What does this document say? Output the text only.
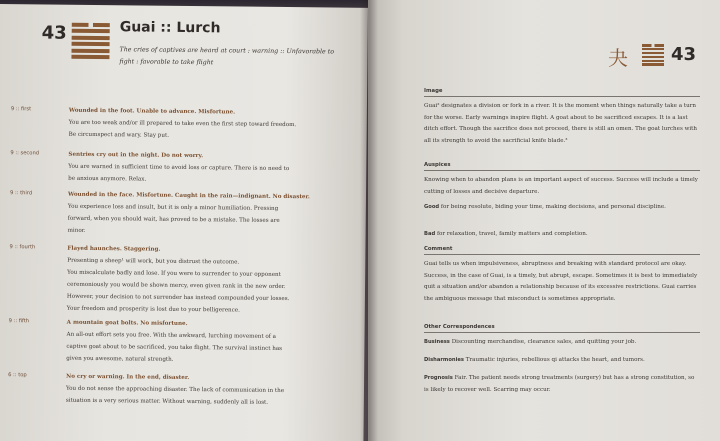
43	Guai :: Lurch
The cries of captives are heard at court : warning :: Unfavorable to fight : favorable to take flight
9 :: first	Wounded in the foot. Unable to advance. Misfortune.
You are too weak and/or ill prepared to take even the first step toward freedom.
Be circumspect and wary. Stay put.
9 :: second	Sentries cry out in the night. Do not worry.
You are warned in sufficient time to avoid loss or capture. There is no need to
be anxious anymore. Relax.
9 :: third	Wounded in the face. Misfortune. Caught in the rain—indignant. No disaster.
You experience loss and insult, but it is only a minor humiliation. Pressing
forward, when you should wait, has proved to be a mistake. The losses are
minor.
9 :: fourth	Flayed haunches. Staggering.
Presenting a sheep¹ will work, but you distrust the outcome.
You miscalculate badly and lose. If you were to surrender to your opponent
ceremoniously you would be shown mercy, even given rank in the new order.
However, your decision to not surrender has instead compounded your losses.
Your freedom and prosperity is lost due to your belligerence.
9 :: fifth	A mountain goat bolts. No misfortune.
An all-out effort sets you free. With the awkward, lurching movement of a
captive goat about to be sacrificed, you take flight. The survival instinct has
given you awesome, natural strength.
6 :: top	No cry or warning. In the end, disaster.
You do not sense the approaching disaster. The lack of communication in the
situation is a very serious matter. Without warning, suddenly all is lost.
夬 43
Image
Guai² designates a division or fork in a river. It is the moment when things naturally take a turn for the worse. Early warnings inspire flight. A goat about to be sacrificed escapes. It is a last ditch effort. Though the sacrifice does not proceed, there is still an omen. The goat lurches with all its strength to avoid the sacrificial knife blade.³
Auspices
Knowing when to abandon plans is an important aspect of success. Success will include a timely cutting of losses and decisive departure.
Good for being resolute, biding your time, making decisions, and personal discipline.
Bad for relaxation, travel, family matters and completion.
Comment
Guai tells us when impulsiveness, abruptness and breaking with standard protocol are okay. Success, in the case of Guai, is a timely, but abrupt, escape. Sometimes it is best to immediately quit a situation and/or abandon a relationship because of its excessive restrictions. Guai carries the ambiguous message that misconduct is sometimes appropriate.
Other Correspondences
Business Discounting merchandise, clearance sales, and quitting your job.
Disharmonies Traumatic injuries, rebellious qi attacks the heart, and tumors.
Prognosis Fair. The patient needs strong treatments (surgery) but has a strong constitution, so is likely to recover well. Scarring may occur.
